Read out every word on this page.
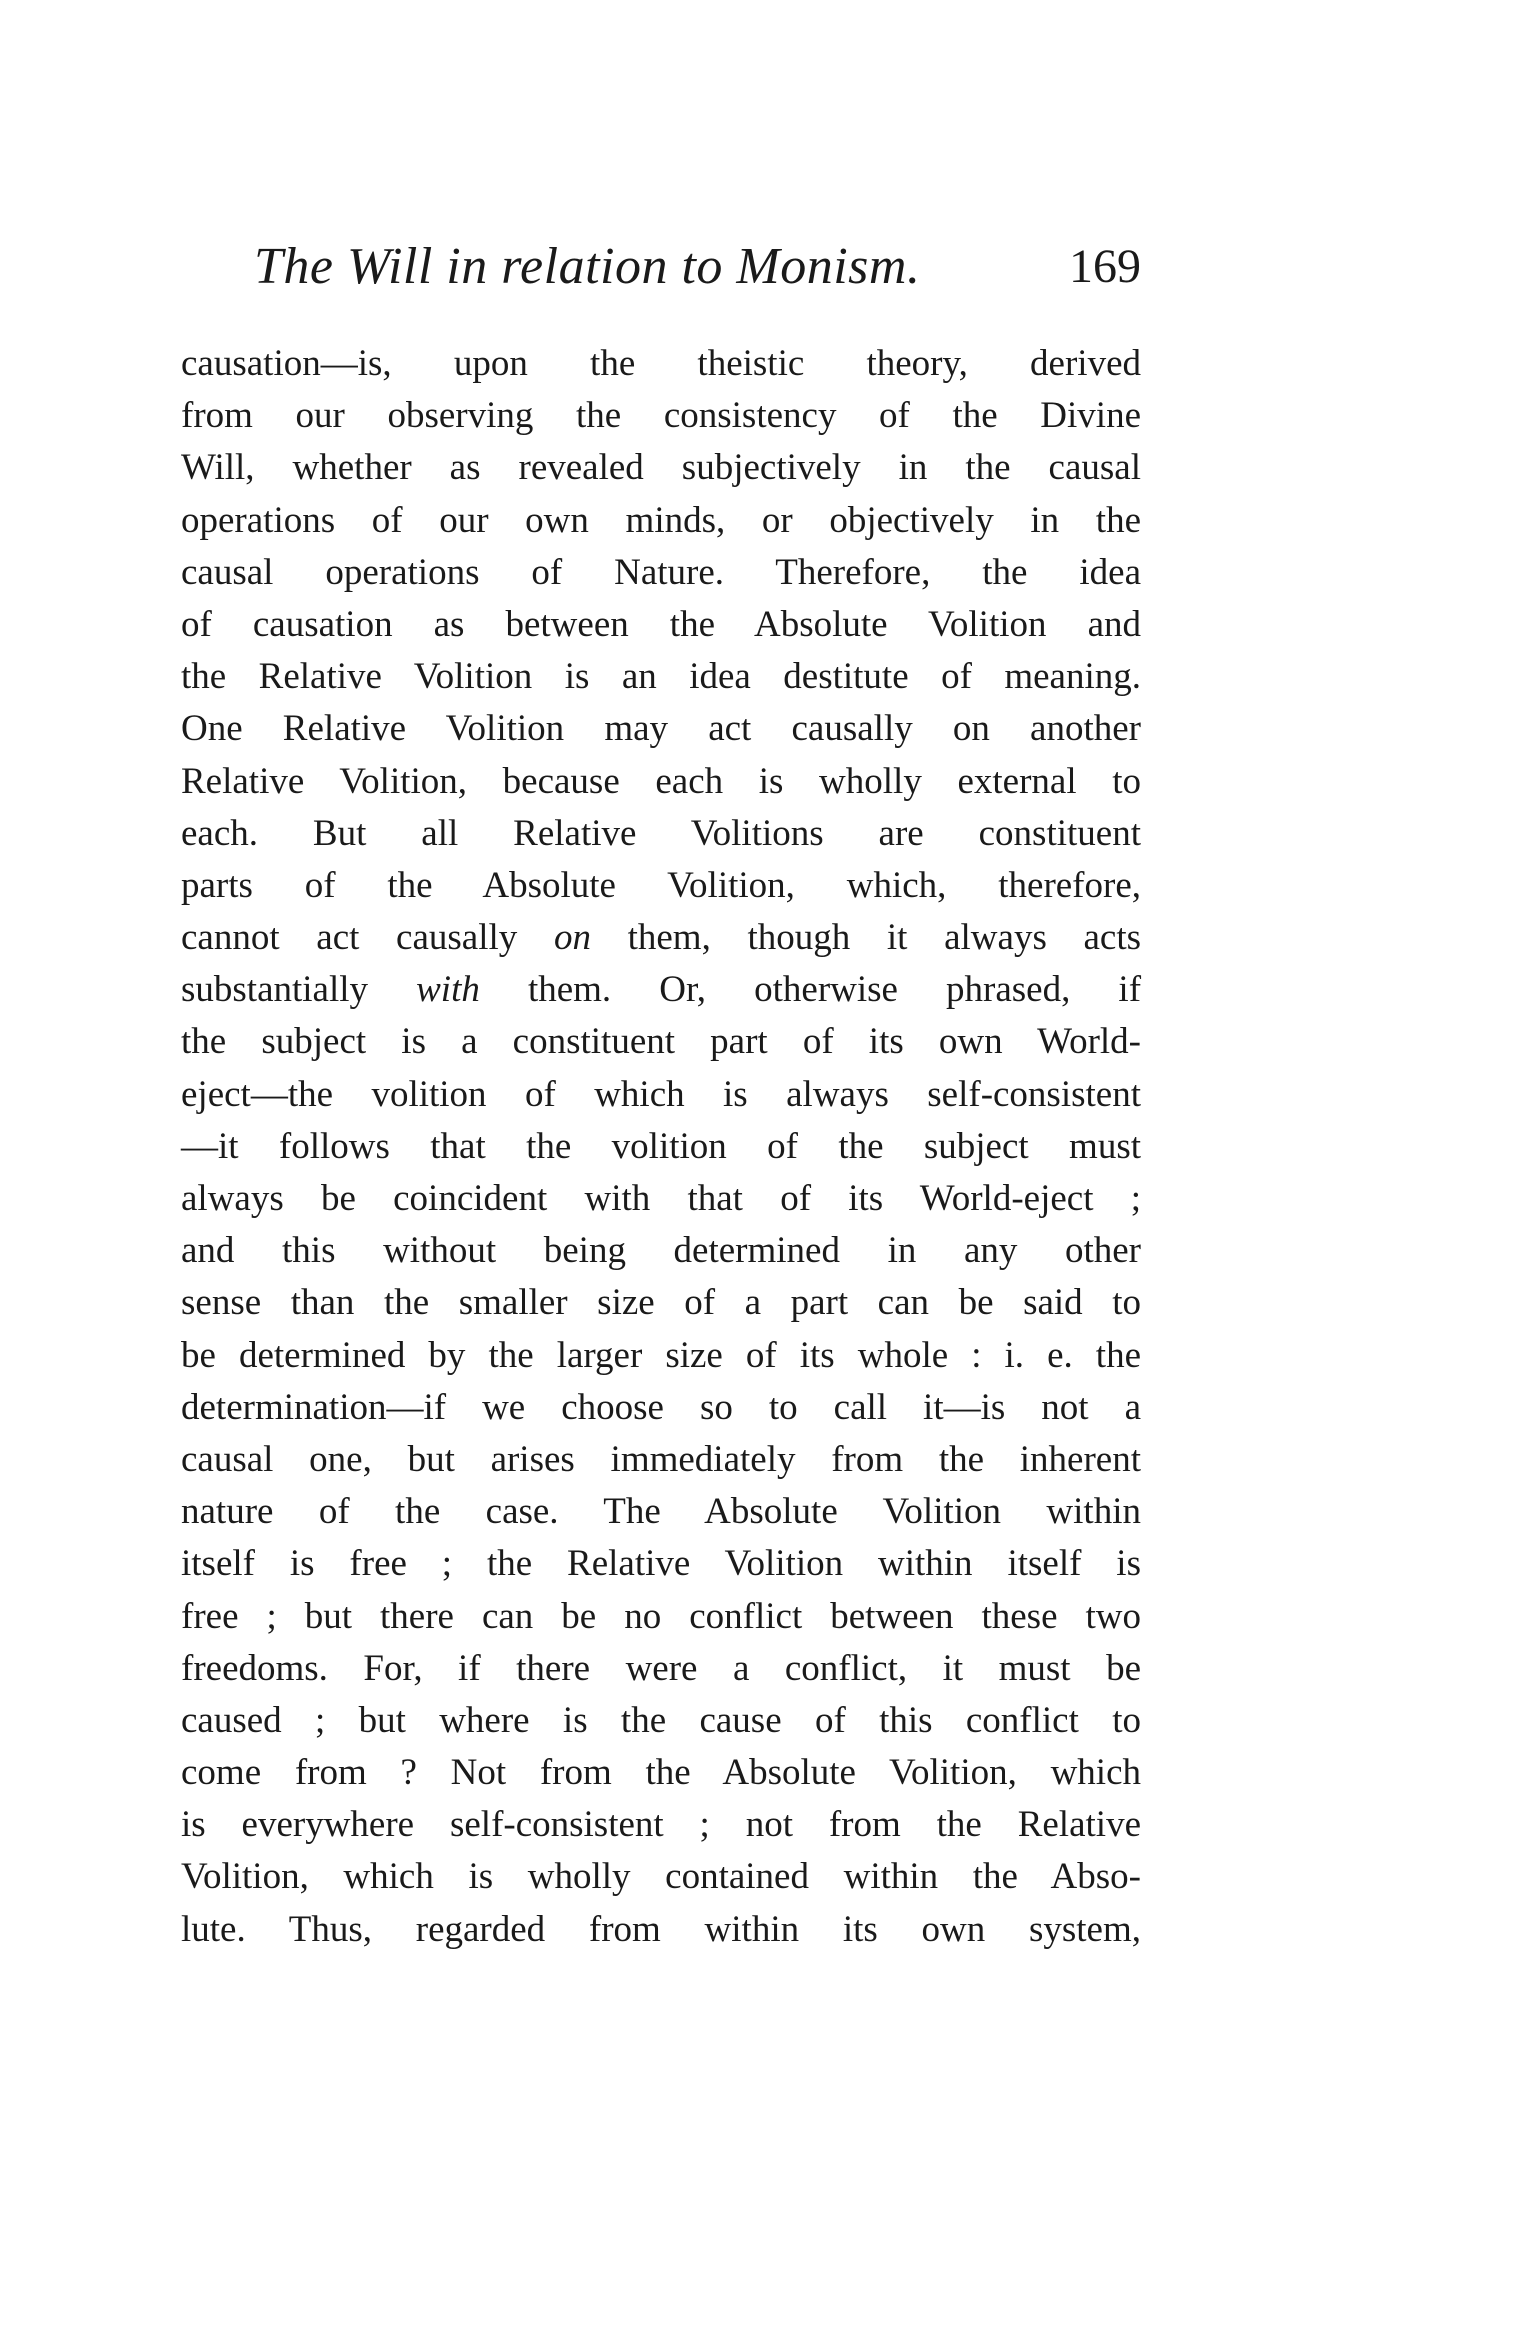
The Will in relation to Monism.	169
causation—is, upon the theistic theory, derived
from our observing the consistency of the Divine
Will, whether as revealed subjectively in the causal
operations of our own minds, or objectively in the
causal operations of Nature. Therefore, the idea
of causation as between the Absolute Volition and
the Relative Volition is an idea destitute of meaning.
One Relative Volition may act causally on another
Relative Volition, because each is wholly external to
each. But all Relative Volitions are constituent
parts of the Absolute Volition, which, therefore,
cannot act causally on them, though it always acts
substantially with them. Or, otherwise phrased, if
the subject is a constituent part of its own World-
eject—the volition of which is always self-consistent
—it follows that the volition of the subject must
always be coincident with that of its World-eject ;
and this without being determined in any other
sense than the smaller size of a part can be said to
be determined by the larger size of its whole : i. e. the
determination—if we choose so to call it—is not a
causal one, but arises immediately from the inherent
nature of the case. The Absolute Volition within
itself is free ; the Relative Volition within itself is
free ; but there can be no conflict between these two
freedoms. For, if there were a conflict, it must be
caused ; but where is the cause of this conflict to
come from ? Not from the Absolute Volition, which
is everywhere self-consistent ; not from the Relative
Volition, which is wholly contained within the Abso-
lute. Thus, regarded from within its own system,
